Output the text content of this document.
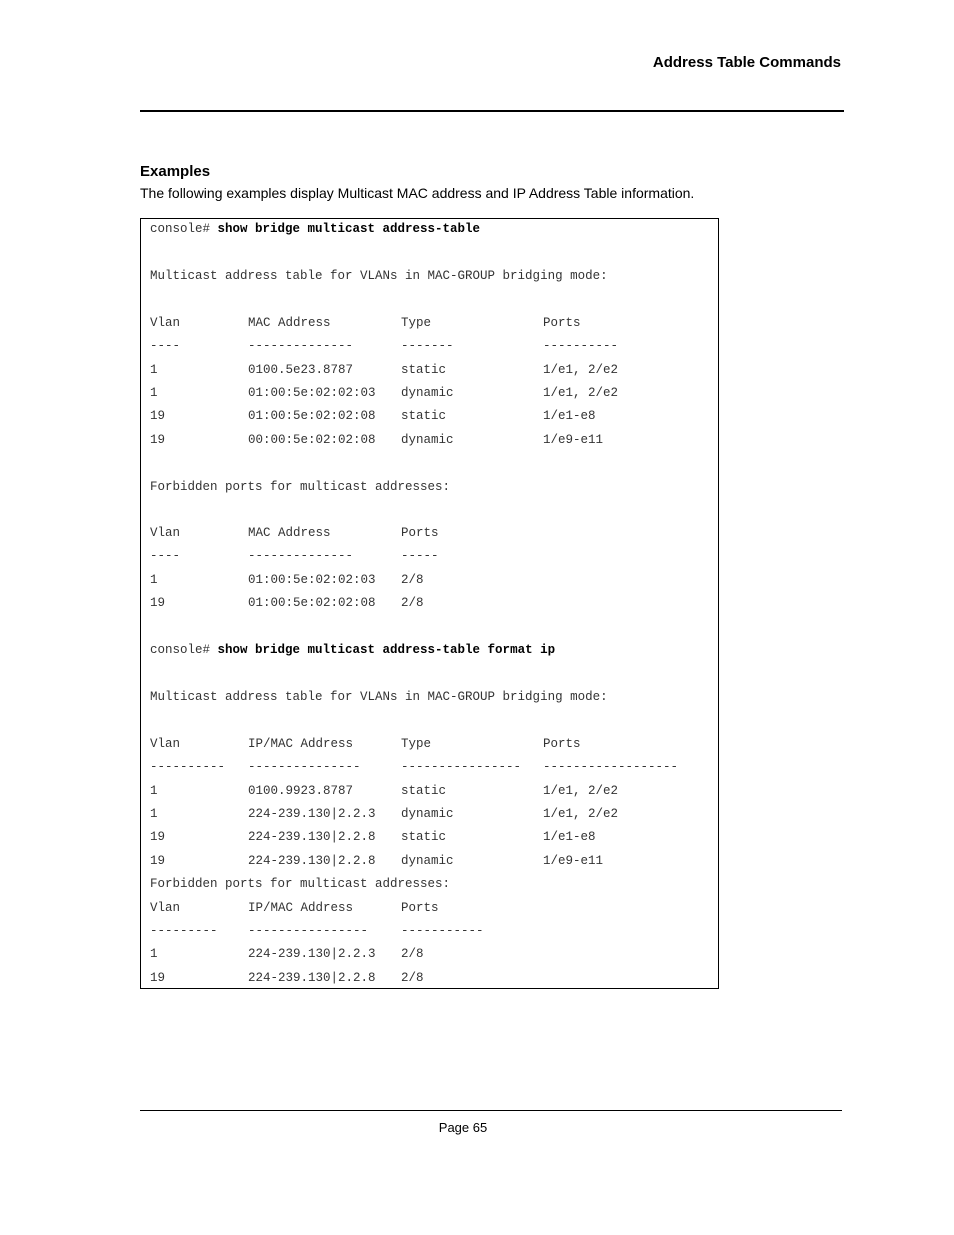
Address Table Commands
Examples
The following examples display Multicast MAC address and IP Address Table information.
console# show bridge multicast address-table
Multicast address table for VLANs in MAC-GROUP bridging mode:
Vlan	MAC Address	Type	Ports
----	--------------	-------	----------
1	0100.5e23.8787	static	1/e1, 2/e2
1	01:00:5e:02:02:03 dynamic	1/e1, 2/e2
19	01:00:5e:02:02:08 static	1/e1-e8
19	00:00:5e:02:02:08 dynamic	1/e9-e11
Forbidden ports for multicast addresses:
Vlan	MAC Address	Ports
----	--------------	-----
1	01:00:5e:02:02:03 2/8
19	01:00:5e:02:02:08 2/8
console# show bridge multicast address-table format ip
Multicast address table for VLANs in MAC-GROUP bridging mode:
Vlan	IP/MAC Address	Type	Ports
---------- ---------------	---------------- ------------------
1	0100.9923.8787	static	1/e1, 2/e2
1	224-239.130|2.2.3 dynamic	1/e1, 2/e2
19	224-239.130|2.2.8 static	1/e1-e8
19	224-239.130|2.2.8 dynamic	1/e9-e11
Forbidden ports for multicast addresses:
Vlan	IP/MAC Address	Ports
--------- ----------------	-----------
1	224-239.130|2.2.3 2/8
19	224-239.130|2.2.8 2/8
Page 65
